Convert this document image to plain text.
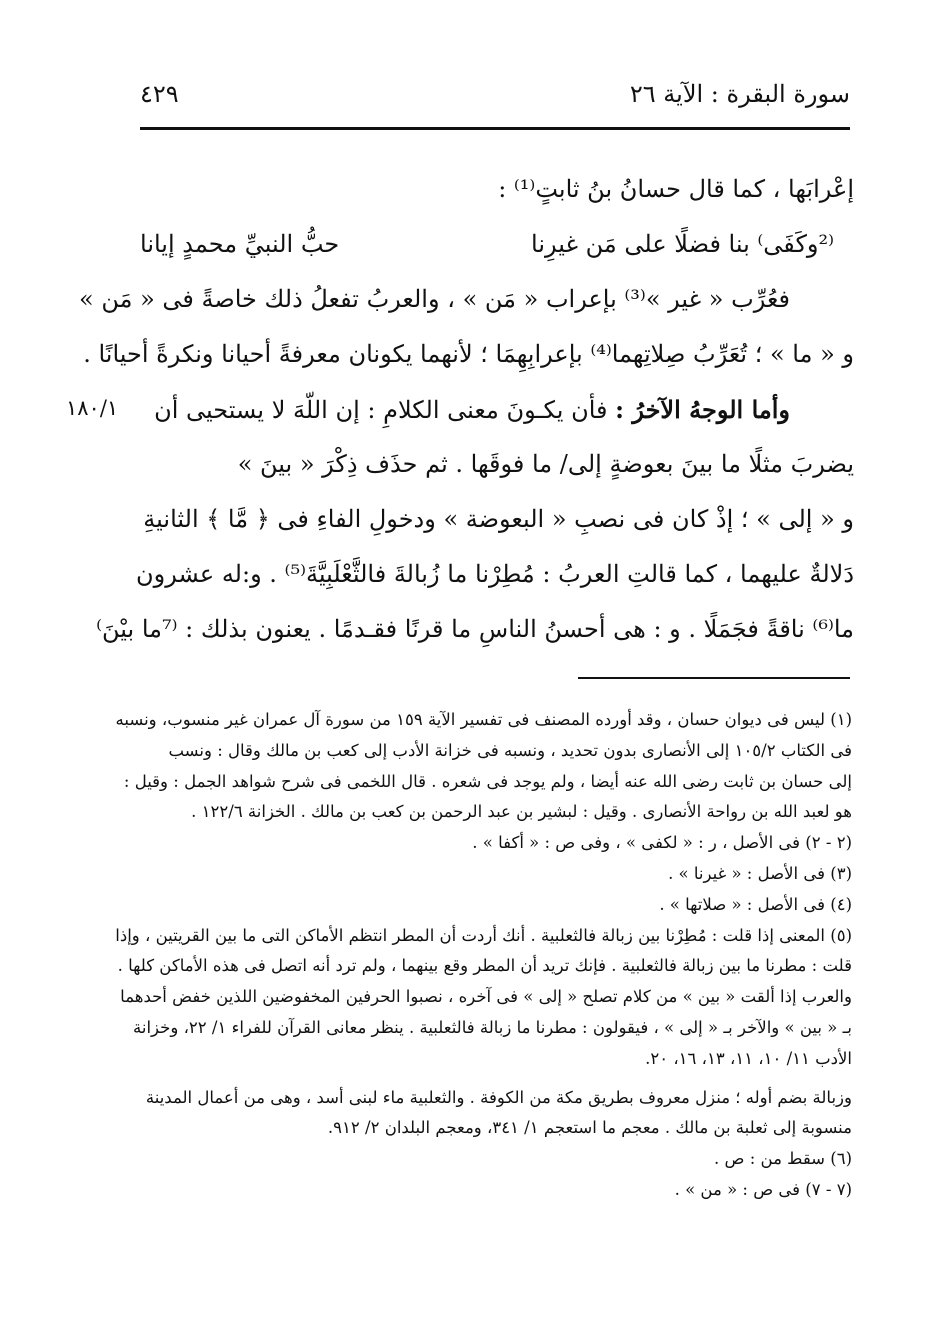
سورة البقرة : الآية ٢٦
٤٢٩
إعْرابَها ، كما قال حسانُ بنُ ثابتٍ⁽¹⁾ :
⁽²وكَفَى⁾ بنا فضلًا على مَن غيرِنا
حبُّ النبيِّ محمدٍ إيانا
فعُرِّب « غير »⁽³⁾ بإعراب « مَن » ، والعربُ تفعلُ ذلك خاصةً فى « مَن »
و « ما » ؛ تُعَرِّبُ صِلاتِهما⁽⁴⁾ بإعرابِهِمَا ؛ لأنهما يكونان معرفةً أحيانا ونكرةً أحيانًا .
وأما الوجهُ الآخرُ : فأن يكـونَ معنى الكلامِ : إن اللّهَ لا يستحيى أن
يضربَ مثلًا ما بينَ بعوضةٍ إلى/ ما فوقَها . ثم حذَف ذِكْرَ « بينَ »
و « إلى » ؛ إذْ كان فى نصبِ « البعوضة » ودخولِ الفاءِ فى ﴿ مَّا ﴾ الثانيةِ
دَلالةٌ عليهما ، كما قالتِ العربُ : مُطِرْنا ما زُبالةَ فالثَّعْلَبِيَّةَ⁽⁵⁾ . و:له عشرون
ما⁽⁶⁾ ناقةً فجَمَلًا . و : هى أحسنُ الناسِ ما قرنًا فقـدمًا . يعنون بذلك : ⁽⁷ما بيْنَ⁾
١٨٠/١
(١) ليس فى ديوان حسان ، وقد أورده المصنف فى تفسير الآية ١٥٩ من سورة آل عمران غير منسوب، ونسبه
فى الكتاب ١٠٥/٢ إلى الأنصارى بدون تحديد ، ونسبه فى خزانة الأدب إلى كعب بن مالك وقال : ونسب
إلى حسان بن ثابت رضى الله عنه أيضا ، ولم يوجد فى شعره . قال اللخمى فى شرح شواهد الجمل : وقيل :
هو لعبد الله بن رواحة الأنصارى . وقيل : لبشير بن عبد الرحمن بن كعب بن مالك . الخزانة ١٢٢/٦ .
(٢ - ٢) فى الأصل ، ر : « لكفى » ، وفى ص : « أكفا » .
(٣) فى الأصل : « غيرنا » .
(٤) فى الأصل : « صلاتها » .
(٥) المعنى إذا قلت : مُطِرْنا بين زبالة فالثعلبية . أنك أردت أن المطر انتظم الأماكن التى ما بين القريتين ، وإذا
قلت : مطرنا ما بين زبالة فالثعلبية . فإنك تريد أن المطر وقع بينهما ، ولم ترد أنه اتصل فى هذه الأماكن كلها .
والعرب إذا ألقت « بين » من كلام تصلح « إلى » فى آخره ، نصبوا الحرفين المخفوضين اللذين خفض أحدهما
بـ « بين » والآخر بـ « إلى » ، فيقولون : مطرنا ما زبالة فالثعلبية . ينظر معانى القرآن للفراء ١/ ٢٢، وخزانة
الأدب ١١/ ١٠، ١١، ١٣، ١٦، ٢٠.
وزبالة بضم أوله ؛ منزل معروف بطريق مكة من الكوفة . والثعلبية ماء لبنى أسد ، وهى من أعمال المدينة
منسوبة إلى ثعلبة بن مالك . معجم ما استعجم ١/ ٣٤١، ومعجم البلدان ٢/ ٩١٢.
(٦) سقط من : ص .
(٧ - ٧) فى ص : « من » .
